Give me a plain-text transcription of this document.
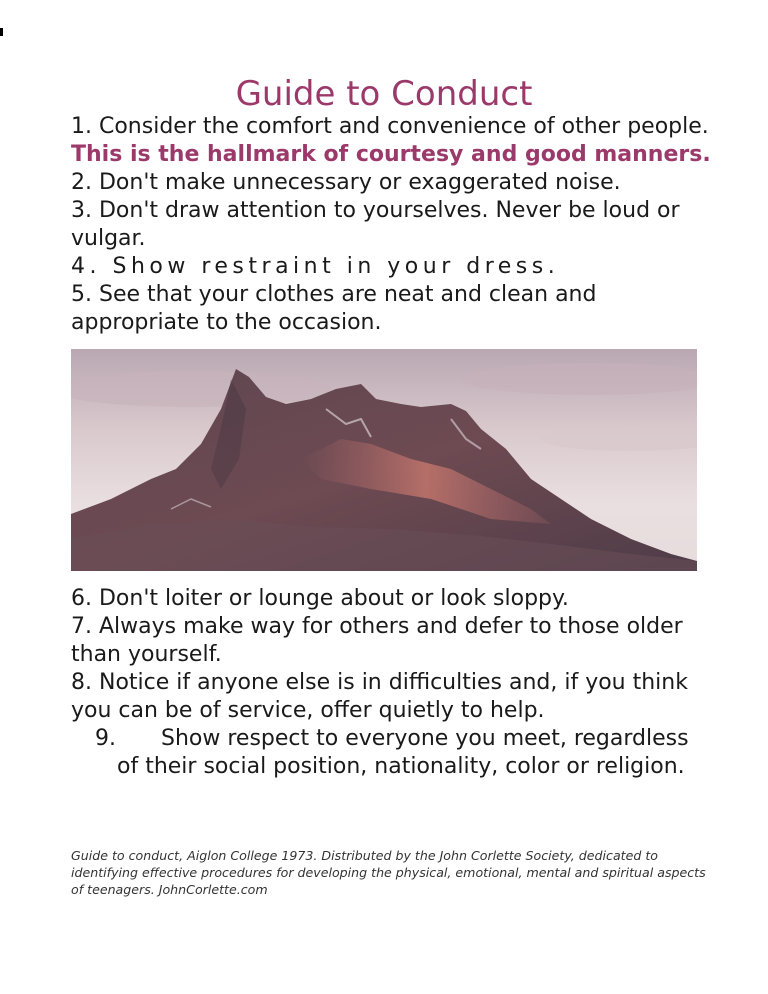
Guide to Conduct

1. Consider the comfort and convenience of other people. This is the hallmark of courtesy and good manners.

2. Don't make unnecessary or exaggerated noise.

3. Don't draw attention to yourselves. Never be loud or vulgar.

4. Show restraint in your dress.

5. See that your clothes are neat and clean and appropriate to the occasion.

6. Don't loiter or lounge about or look sloppy.

7. Always make way for others and defer to those older than yourself.

8. Notice if anyone else is in difficulties and, if you think you can be of service, offer quietly to help.

9. Show respect to everyone you meet, regardless of their social position, nationality, color or religion.

Guide to conduct, Aiglon College 1973. Distributed by the John Corlette Society, dedicated to identifying effective procedures for developing the physical, emotional, mental and spiritual aspects of teenagers. JohnCorlette.com
